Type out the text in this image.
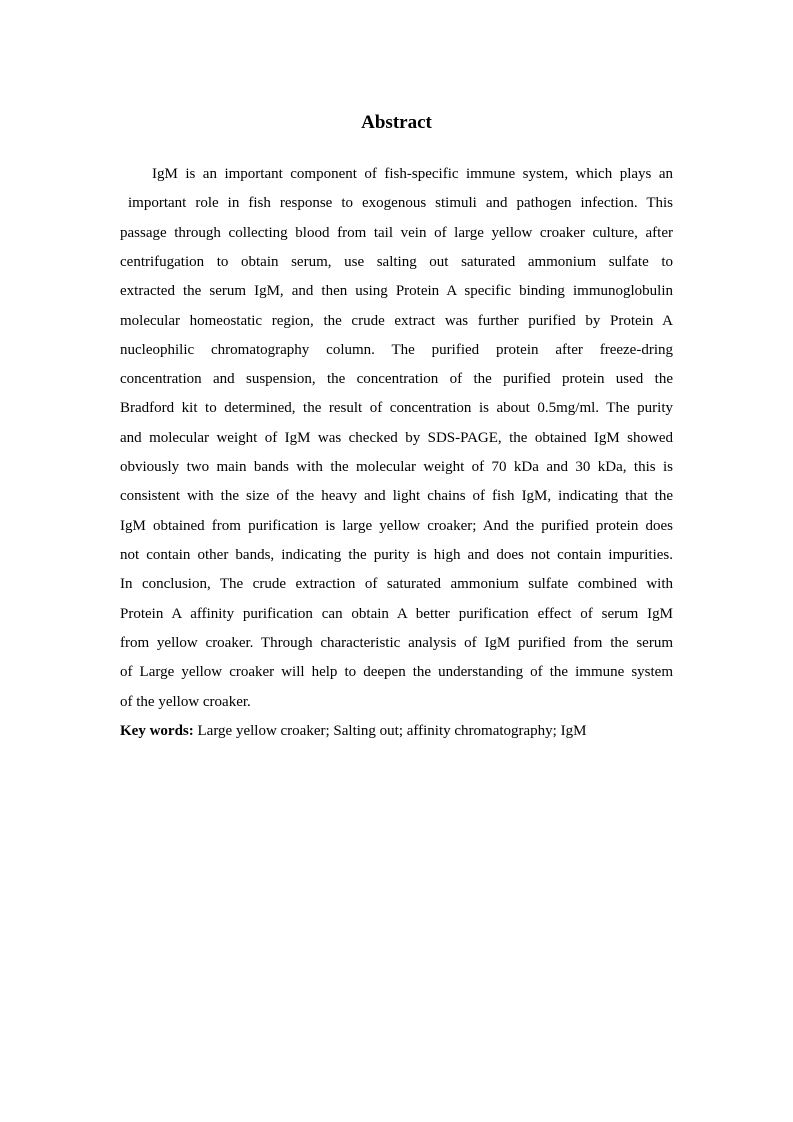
Abstract
IgM is an important component of fish-specific immune system, which plays an
important role in fish response to exogenous stimuli and pathogen infection. This
passage through collecting blood from tail vein of large yellow croaker culture, after
centrifugation to obtain serum, use salting out saturated ammonium sulfate to
extracted the serum IgM, and then using Protein A specific binding immunoglobulin
molecular homeostatic region, the crude extract was further purified by Protein A
nucleophilic chromatography column. The purified protein after freeze-dring
concentration and suspension, the concentration of the purified protein used the
Bradford kit to determined, the result of concentration is about 0.5mg/ml. The purity
and molecular weight of IgM was checked by SDS-PAGE, the obtained IgM showed
obviously two main bands with the molecular weight of 70 kDa and 30 kDa, this is
consistent with the size of the heavy and light chains of fish IgM, indicating that the
IgM obtained from purification is large yellow croaker; And the purified protein does
not contain other bands, indicating the purity is high and does not contain impurities.
In conclusion, The crude extraction of saturated ammonium sulfate combined with
Protein A affinity purification can obtain A better purification effect of serum IgM
from yellow croaker. Through characteristic analysis of IgM purified from the serum
of Large yellow croaker will help to deepen the understanding of the immune system
of the yellow croaker.
Key words: Large yellow croaker; Salting out; affinity chromatography; IgM
